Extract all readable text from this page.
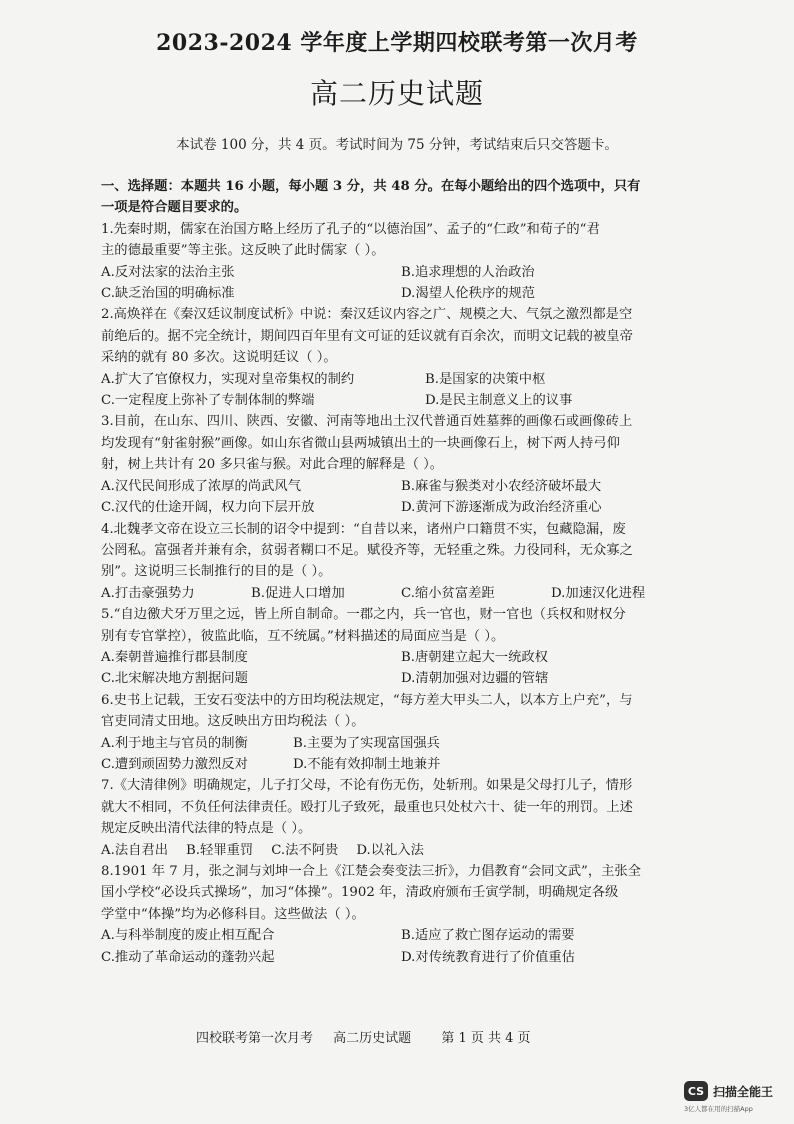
2023-2024 学年度上学期四校联考第一次月考
高二历史试题
本试卷 100 分，共 4 页。考试时间为 75 分钟，考试结束后只交答题卡。
一、选择题：本题共 16 小题，每小题 3 分，共 48 分。在每小题给出的四个选项中，只有
一项是符合题目要求的。
1.先秦时期，儒家在治国方略上经历了孔子的“以德治国”、孟子的“仁政”和荀子的“君
主的德最重要”等主张。这反映了此时儒家（ ）。
A.反对法家的法治主张	B.追求理想的人治政治
C.缺乏治国的明确标准	D.渴望人伦秩序的规范
2.高焕祥在《秦汉廷议制度试析》中说：秦汉廷议内容之广、规模之大、气氛之激烈都是空
前绝后的。据不完全统计，期间四百年里有文可证的廷议就有百余次，而明文记载的被皇帝
采纳的就有 80 多次。这说明廷议（ ）。
A.扩大了官僚权力，实现对皇帝集权的制约	B.是国家的决策中枢
C.一定程度上弥补了专制体制的弊端	D.是民主制意义上的议事
3.目前，在山东、四川、陕西、安徽、河南等地出土汉代普通百姓墓葬的画像石或画像砖上
均发现有“射雀射猴”画像。如山东省微山县两城镇出土的一块画像石上，树下两人持弓仰
射，树上共计有 20 多只雀与猴。对此合理的解释是（ ）。
A.汉代民间形成了浓厚的尚武风气	B.麻雀与猴类对小农经济破坏最大
C.汉代的仕途开阔，权力向下层开放	D.黄河下游逐渐成为政治经济重心
4.北魏孝文帝在设立三长制的诏令中提到：“自昔以来，诸州户口籍贯不实，包藏隐漏，废
公罔私。富强者并兼有余，贫弱者糊口不足。赋役齐等，无轻重之殊。力役同科，无众寡之
别”。这说明三长制推行的目的是（ ）。
A.打击豪强势力	B.促进人口增加	C.缩小贫富差距	D.加速汉化进程
5.“自边徼犬牙万里之远，皆上所自制命。一郡之内，兵一官也，财一官也（兵权和财权分
别有专官掌控），彼监此临，互不统属。”材料描述的局面应当是（ ）。
A.秦朝普遍推行郡县制度	B.唐朝建立起大一统政权
C.北宋解决地方割据问题	D.清朝加强对边疆的管辖
6.史书上记载，王安石变法中的方田均税法规定，“每方差大甲头二人，以本方上户充”，与
官吏同清丈田地。这反映出方田均税法（ ）。
A.利于地主与官员的制衡	B.主要为了实现富国强兵
C.遭到顽固势力激烈反对	D.不能有效抑制土地兼并
7.《大清律例》明确规定，儿子打父母，不论有伤无伤，处斩刑。如果是父母打儿子，情形
就大不相同，不负任何法律责任。殴打儿子致死，最重也只处杖六十、徒一年的刑罚。上述
规定反映出清代法律的特点是（ ）。
A.法自君出 B.轻罪重罚 C.法不阿贵 D.以礼入法
8.1901 年 7 月，张之洞与刘坤一合上《江楚会奏变法三折》，力倡教育“会同文武”，主张全
国小学校“必设兵式操场”，加习“体操”。1902 年，清政府颁布壬寅学制，明确规定各级
学堂中“体操”均为必修科目。这些做法（ ）。
A.与科举制度的废止相互配合	B.适应了救亡图存运动的需要
C.推动了革命运动的蓬勃兴起	D.对传统教育进行了价值重估
四校联考第一次月考 高二历史试题 第 1 页 共 4 页
CS 扫描全能王
3亿人都在用的扫描App
